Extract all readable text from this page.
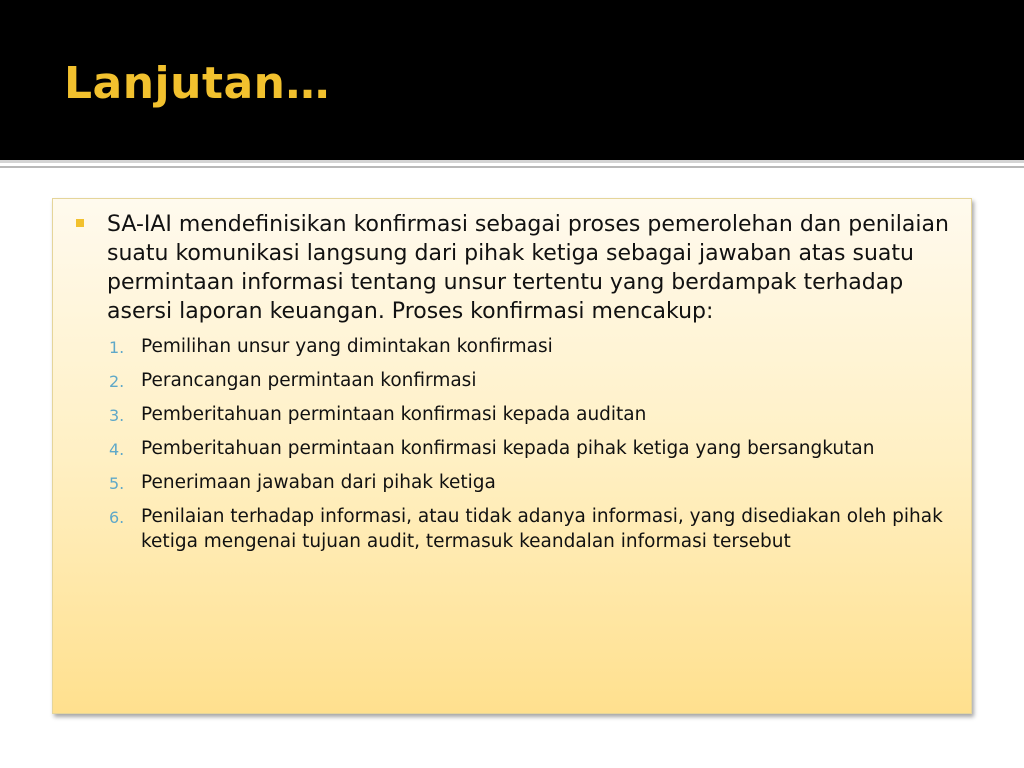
Lanjutan…

SA-IAI mendefinisikan konfirmasi sebagai proses pemerolehan dan penilaian suatu komunikasi langsung dari pihak ketiga sebagai jawaban atas suatu permintaan informasi tentang unsur tertentu yang berdampak terhadap asersi laporan keuangan. Proses konfirmasi mencakup:

1. Pemilihan unsur yang dimintakan konfirmasi
2. Perancangan permintaan konfirmasi
3. Pemberitahuan permintaan konfirmasi kepada auditan
4. Pemberitahuan permintaan konfirmasi kepada pihak ketiga yang bersangkutan
5. Penerimaan jawaban dari pihak ketiga
6. Penilaian terhadap informasi, atau tidak adanya informasi, yang disediakan oleh pihak ketiga mengenai tujuan audit, termasuk keandalan informasi tersebut
